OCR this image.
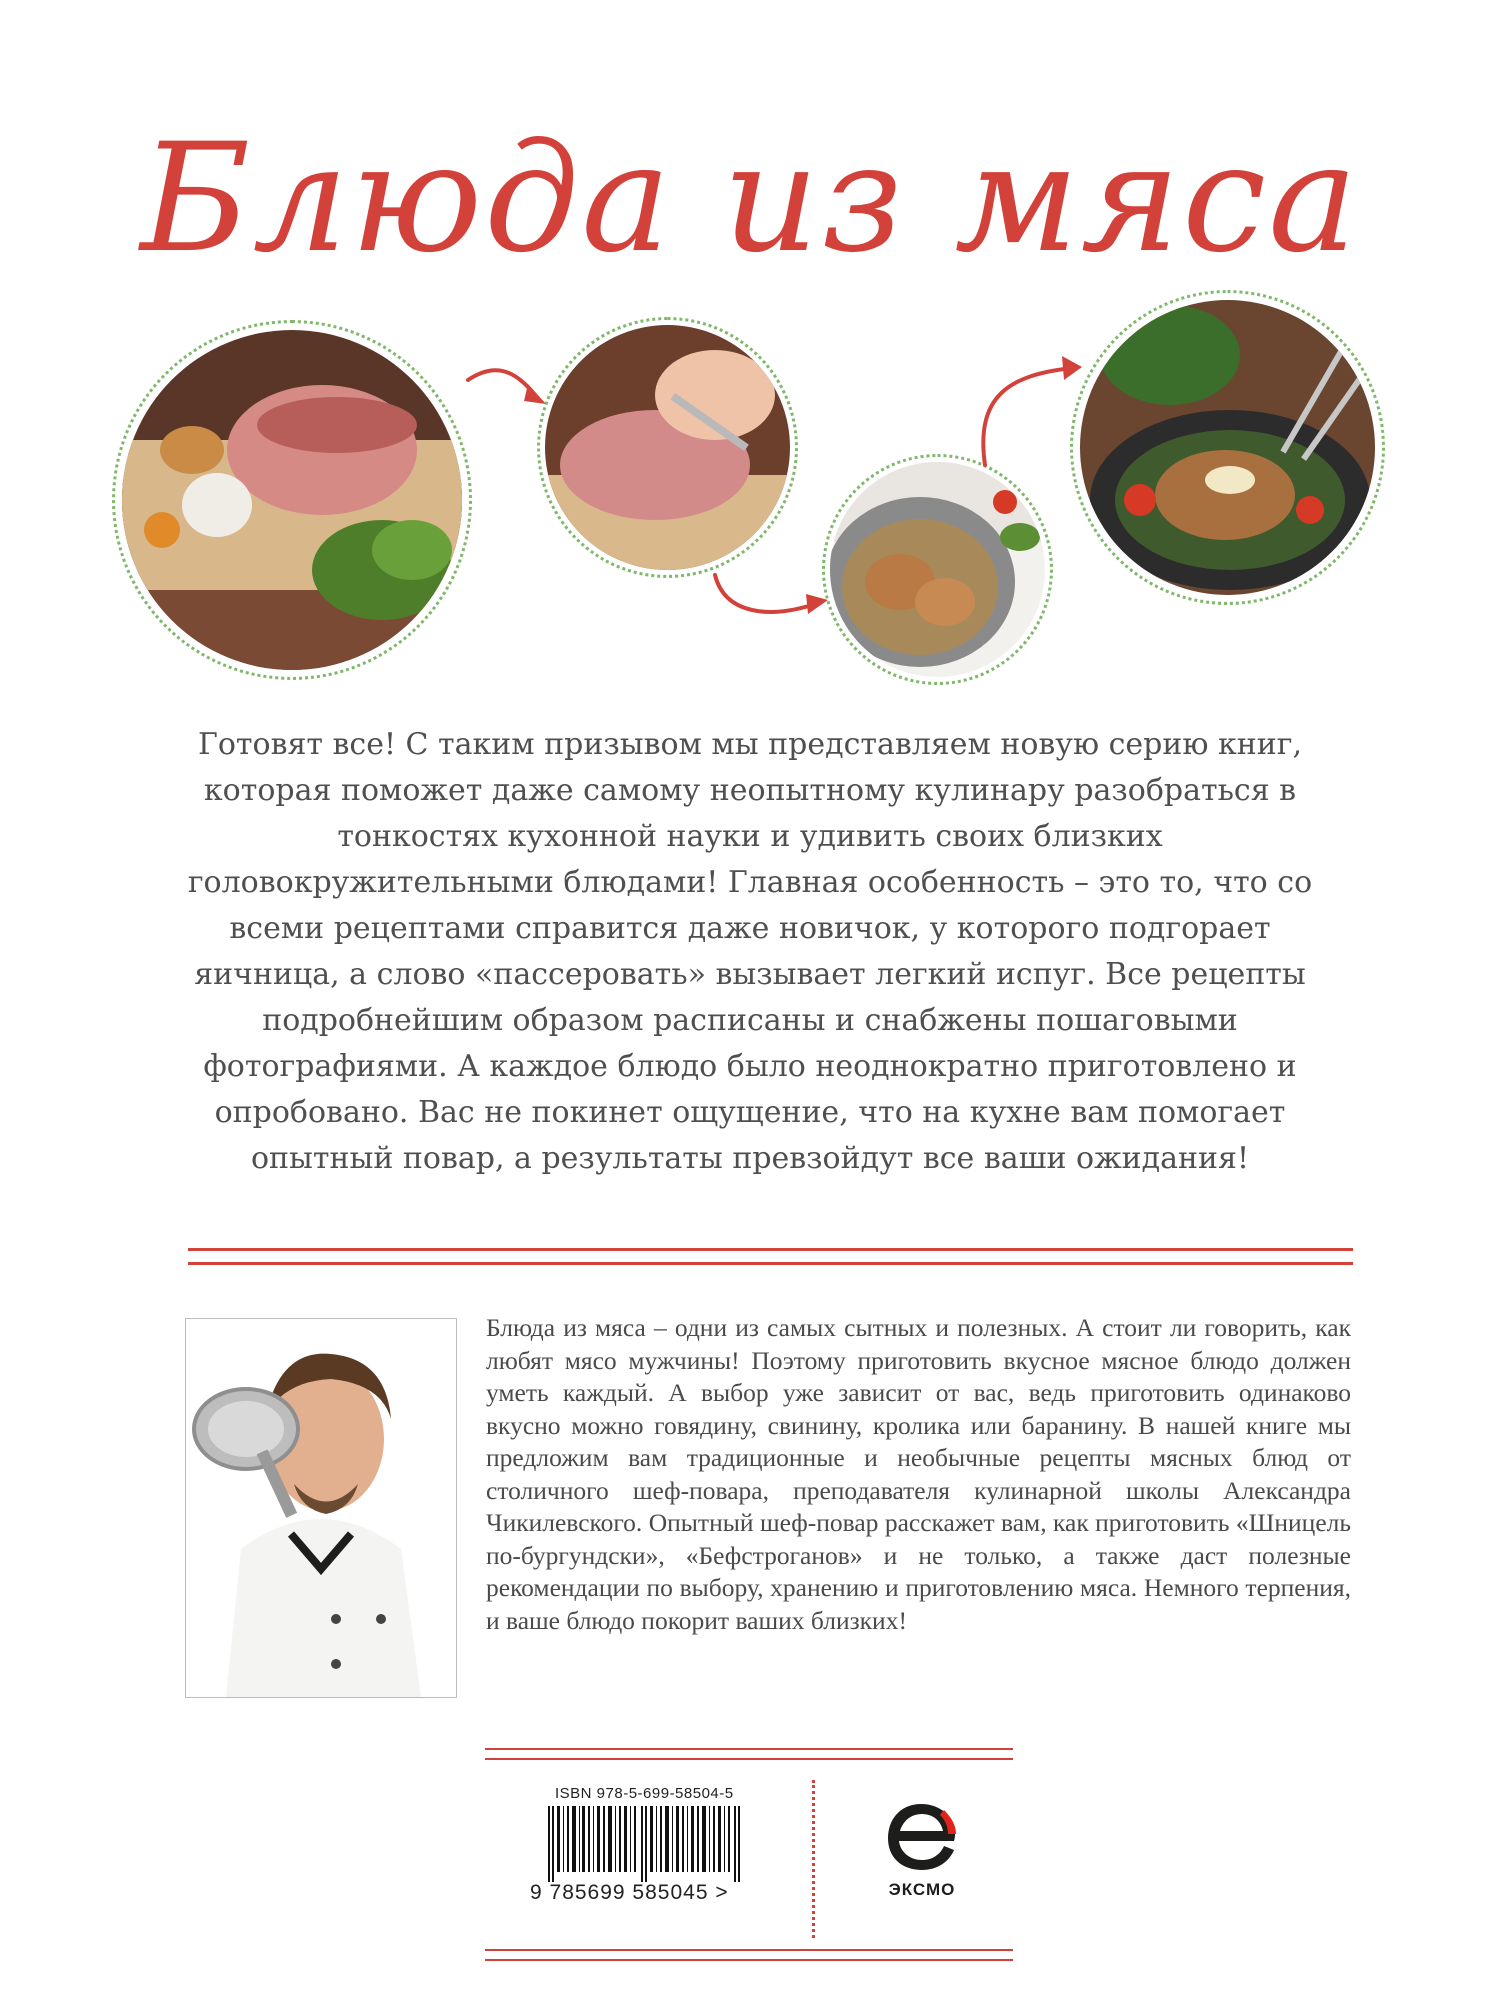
Блюда из мяса
Готовят все! С таким призывом мы представляем новую серию книг, которая поможет даже самому неопытному кулинару разобраться в тонкостях кухонной науки и удивить своих близких головокружительными блюдами! Главная особенность – это то, что со всеми рецептами справится даже новичок, у которого подгорает яичница, а слово «пассеровать» вызывает легкий испуг. Все рецепты подробнейшим образом расписаны и снабжены пошаговыми фотографиями. А каждое блюдо было неоднократно приготовлено и опробовано. Вас не покинет ощущение, что на кухне вам помогает опытный повар, а результаты превзойдут все ваши ожидания!

Блюда из мяса – одни из самых сытных и полезных. А стоит ли говорить, как любят мясо мужчины! Поэтому приготовить вкусное мясное блюдо должен уметь каждый. А выбор уже зависит от вас, ведь приготовить одинаково вкусно можно говядину, свинину, кролика или баранину. В нашей книге мы предложим вам традиционные и необычные рецепты мясных блюд от столичного шеф-повара, преподавателя кулинарной школы Александра Чикилевского. Опытный шеф-повар расскажет вам, как приготовить «Шницель по-бургундски», «Бефстроганов» и не только, а также даст полезные рекомендации по выбору, хранению и приготовлению мяса. Немного терпения, и ваше блюдо покорит ваших близких!

ISBN 978-5-699-58504-5
9 785699 585045 >	ЭКСМО
